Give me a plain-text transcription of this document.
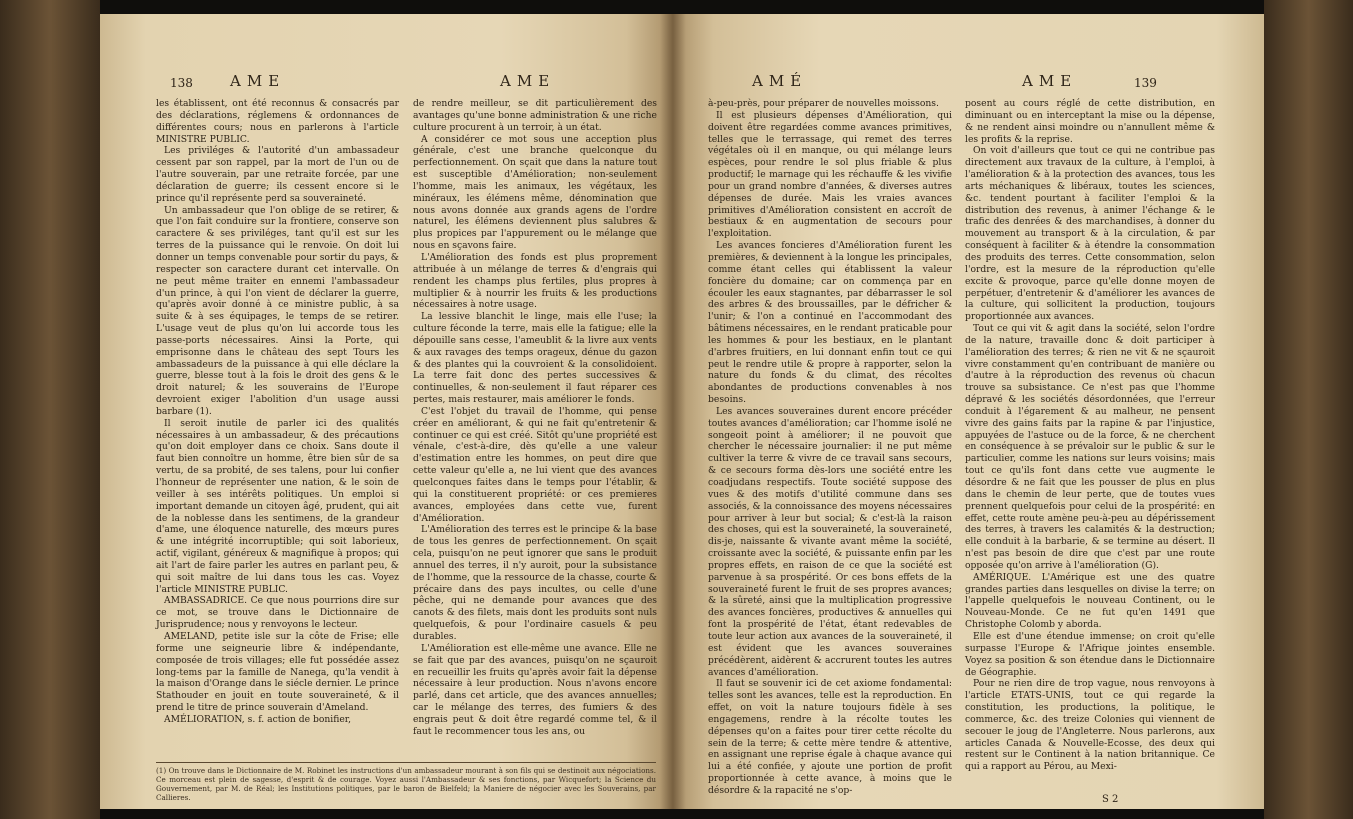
138 AME	AME

les établissent, ont été reconnus & consacrés par des déclarations, réglemens & ordonnances de différentes cours; nous en parlerons à l'article MINISTRE PUBLIC.

Les priviléges & l'autorité d'un ambassadeur cessent par son rappel, par la mort de l'un ou de l'autre souverain, par une retraite forcée, par une déclaration de guerre; ils cessent encore si le prince qu'il représente perd sa souveraineté.

Un ambassadeur que l'on oblige de se retirer, & que l'on fait conduire sur la frontiere, conserve son caractere & ses priviléges, tant qu'il est sur les terres de la puissance qui le renvoie. On doit lui donner un temps convenable pour sortir du pays, & respecter son caractere durant cet intervalle. On ne peut même traiter en ennemi l'ambassadeur d'un prince, à qui l'on vient de déclarer la guerre, qu'après avoir donné à ce ministre public, à sa suite & à ses équipages, le temps de se retirer. L'usage veut de plus qu'on lui accorde tous les passe-ports nécessaires. Ainsi la Porte, qui emprisonne dans le château des sept Tours les ambassadeurs de la puissance à qui elle déclare la guerre, blesse tout à la fois le droit des gens & le droit naturel; & les souverains de l'Europe devroient exiger l'abolition d'un usage aussi barbare (1).

Il seroit inutile de parler ici des qualités nécessaires à un ambassadeur, & des précautions qu'on doit employer dans ce choix. Sans doute il faut bien connoître un homme, être bien sûr de sa vertu, de sa probité, de ses talens, pour lui confier l'honneur de représenter une nation, & le soin de veiller à ses intérêts politiques. Un emploi si important demande un citoyen âgé, prudent, qui ait de la noblesse dans les sentimens, de la grandeur d'ame, une éloquence naturelle, des mœurs pures & une intégrité incorruptible; qui soit laborieux, actif, vigilant, généreux & magnifique à propos; qui ait l'art de faire parler les autres en parlant peu, & qui soit maître de lui dans tous les cas. Voyez l'article MINISTRE PUBLIC.

AMBASSADRICE. Ce que nous pourrions dire sur ce mot, se trouve dans le Dictionnaire de Jurisprudence; nous y renvoyons le lecteur.

AMELAND, petite isle sur la côte de Frise; elle forme une seigneurie libre & indépendante, composée de trois villages; elle fut possédée assez long-tems par la famille de Nanega, qu'la vendit à la maison d'Orange dans le siécle dernier. Le prince Stathouder en jouit en toute souveraineté, & il prend le titre de prince souverain d'Ameland.

AMÉLIORATION, s. f. action de bonifier,

de rendre meilleur, se dit particulièrement des avantages qu'une bonne administration & une riche culture procurent à un terroir, à un état.

A considérer ce mot sous une acception plus générale, c'est une branche quelconque du perfectionnement. On sçait que dans la nature tout est susceptible d'Amélioration; non-seulement l'homme, mais les animaux, les végétaux, les minéraux, les élémens même, dénomination que nous avons donnée aux grands agens de l'ordre naturel, les élémens deviennent plus salubres & plus propices par l'appurement ou le mélange que nous en sçavons faire.

L'Amélioration des fonds est plus proprement attribuée à un mélange de terres & d'engrais qui rendent les champs plus fertiles, plus propres à multiplier & à nourrir les fruits & les productions nécessaires à notre usage.

La lessive blanchit le linge, mais elle l'use; la culture féconde la terre, mais elle la fatigue; elle la dépouille sans cesse, l'ameublit & la livre aux vents & aux ravages des temps orageux, dénue du gazon & des plantes qui la couvroient & la consolidoient. La terre fait donc des pertes successives & continuelles, & non-seulement il faut réparer ces pertes, mais restaurer, mais améliorer le fonds.

C'est l'objet du travail de l'homme, qui pense créer en améliorant, & qui ne fait qu'entretenir & continuer ce qui est créé. Sitôt qu'une propriété est vénale, c'est-à-dire, dès qu'elle a une valeur d'estimation entre les hommes, on peut dire que cette valeur qu'elle a, ne lui vient que des avances quelconques faites dans le temps pour l'établir, & qui la constituerent propriété: or ces premieres avances, employées dans cette vue, furent d'Amélioration.

L'Amélioration des terres est le principe & la base de tous les genres de perfectionnement. On sçait cela, puisqu'on ne peut ignorer que sans le produit annuel des terres, il n'y auroit, pour la subsistance de l'homme, que la ressource de la chasse, courte & précaire dans des pays incultes, ou celle d'une pêche, qui ne demande pour avances que des canots & des filets, mais dont les produits sont nuls quelquefois, & pour l'ordinaire casuels & peu durables.

L'Amélioration est elle-même une avance. Elle ne se fait que par des avances, puisqu'on ne sçauroit en recueillir les fruits qu'après avoir fait la dépense nécessaire à leur production. Nous n'avons encore parlé, dans cet article, que des avances annuelles; car le mélange des terres, des fumiers & des engrais peut & doit être regardé comme tel, & il faut le recommencer tous les ans, ou

(1) On trouve dans le Dictionnaire de M. Robinet les instructions d'un ambassadeur mourant à son fils qui se destinoit aux négociations. Ce morceau est plein de sagesse, d'esprit & de courage. Voyez aussi l'Ambassadeur & ses fonctions, par Wicquefort; la Science du Gouvernement, par M. de Réal; les Institutions politiques, par le baron de Bielfeld; la Maniere de négocier avec les Souverains, par Callieres.
AMÉ	AME	139

à-peu-près, pour préparer de nouvelles moissons.

Il est plusieurs dépenses d'Amélioration, qui doivent être regardées comme avances primitives, telles que le terrassage, qui remet des terres végétales où il en manque, ou qui mélange leurs espèces, pour rendre le sol plus friable & plus productif; le marnage qui les réchauffe & les vivifie pour un grand nombre d'années, & diverses autres dépenses de durée. Mais les vraies avances primitives d'Amélioration consistent en accroît de bestiaux & en augmentation de secours pour l'exploitation.

Les avances foncieres d'Amélioration furent les premières, & deviennent à la longue les principales, comme étant celles qui établissent la valeur foncière du domaine; car on commença par en écouler les eaux stagnantes, par débarrasser le sol des arbres & des broussailles, par le défricher & l'unir; & l'on a continué en l'accommodant des bâtimens nécessaires, en le rendant praticable pour les hommes & pour les bestiaux, en le plantant d'arbres fruitiers, en lui donnant enfin tout ce qui peut le rendre utile & propre à rapporter, selon la nature du fonds & du climat, des récoltes abondantes de productions convenables à nos besoins.

Les avances souveraines durent encore précéder toutes avances d'amélioration; car l'homme isolé ne songeoit point à améliorer; il ne pouvoit que chercher le nécessaire journalier: il ne put même cultiver la terre & vivre de ce travail sans secours, & ce secours forma dès-lors une société entre les coadjudans respectifs. Toute société suppose des vues & des motifs d'utilité commune dans ses associés, & la connoissance des moyens nécessaires pour arriver à leur but social; & c'est-là la raison des choses, qui est la souveraineté, la souveraineté, dis-je, naissante & vivante avant même la société, croissante avec la société, & puissante enfin par les propres effets, en raison de ce que la société est parvenue à sa prospérité. Or ces bons effets de la souveraineté furent le fruit de ses propres avances; & la sûreté, ainsi que la multiplication progressive des avances foncières, productives & annuelles qui font la prospérité de l'état, étant redevables de toute leur action aux avances de la souveraineté, il est évident que les avances souveraines précédèrent, aidèrent & accrurent toutes les autres avances d'amélioration.

Il faut se souvenir ici de cet axiome fondamental: telles sont les avances, telle est la reproduction. En effet, on voit la nature toujours fidèle à ses engagemens, rendre à la récolte toutes les dépenses qu'on a faites pour tirer cette récolte du sein de la terre; & cette mère tendre & attentive, en assignant une reprise égale à chaque avance qui lui a été confiée, y ajoute une portion de profit proportionnée à cette avance, à moins que le désordre & la rapacité ne s'op-

posent au cours réglé de cette distribution, en diminuant ou en interceptant la mise ou la dépense, & ne rendent ainsi moindre ou n'annullent même & les profits & la reprise.

On voit d'ailleurs que tout ce qui ne contribue pas directement aux travaux de la culture, à l'emploi, à l'amélioration & à la protection des avances, tous les arts méchaniques & libéraux, toutes les sciences, &c. tendent pourtant à faciliter l'emploi & la distribution des revenus, à animer l'échange & le trafic des denrées & des marchandises, à donner du mouvement au transport & à la circulation, & par conséquent à faciliter & à étendre la consommation des produits des terres. Cette consommation, selon l'ordre, est la mesure de la réproduction qu'elle excite & provoque, parce qu'elle donne moyen de perpétuer, d'entretenir & d'améliorer les avances de la culture, qui sollicitent la production, toujours proportionnée aux avances.

Tout ce qui vit & agit dans la société, selon l'ordre de la nature, travaille donc & doit participer à l'amélioration des terres; & rien ne vit & ne sçauroit vivre constamment qu'en contribuant de manière ou d'autre à la réproduction des revenus où chacun trouve sa subsistance. Ce n'est pas que l'homme dépravé & les sociétés désordonnées, que l'erreur conduit à l'égarement & au malheur, ne pensent vivre des gains faits par la rapine & par l'injustice, appuyées de l'astuce ou de la force, & ne cherchent en conséquence à se prévaloir sur le public & sur le particulier, comme les nations sur leurs voisins; mais tout ce qu'ils font dans cette vue augmente le désordre & ne fait que les pousser de plus en plus dans le chemin de leur perte, que de toutes vues prennent quelquefois pour celui de la prospérité: en effet, cette route amène peu-à-peu au dépérissement des terres, à travers les calamités & la destruction; elle conduit à la barbarie, & se termine au désert. Il n'est pas besoin de dire que c'est par une route opposée qu'on arrive à l'amélioration (G).

AMÉRIQUE. L'Amérique est une des quatre grandes parties dans lesquelles on divise la terre; on l'appelle quelquefois le nouveau Continent, ou le Nouveau-Monde. Ce ne fut qu'en 1491 que Christophe Colomb y aborda.

Elle est d'une étendue immense; on croit qu'elle surpasse l'Europe & l'Afrique jointes ensemble. Voyez sa position & son étendue dans le Dictionnaire de Géographie.

Pour ne rien dire de trop vague, nous renvoyons à l'article ETATS-UNIS, tout ce qui regarde la constitution, les productions, la politique, le commerce, &c. des treize Colonies qui viennent de secouer le joug de l'Angleterre. Nous parlerons, aux articles Canada & Nouvelle-Ecosse, des deux qui restent sur le Continent à la nation britannique. Ce qui a rapport au Pérou, au Mexi-

S 2
